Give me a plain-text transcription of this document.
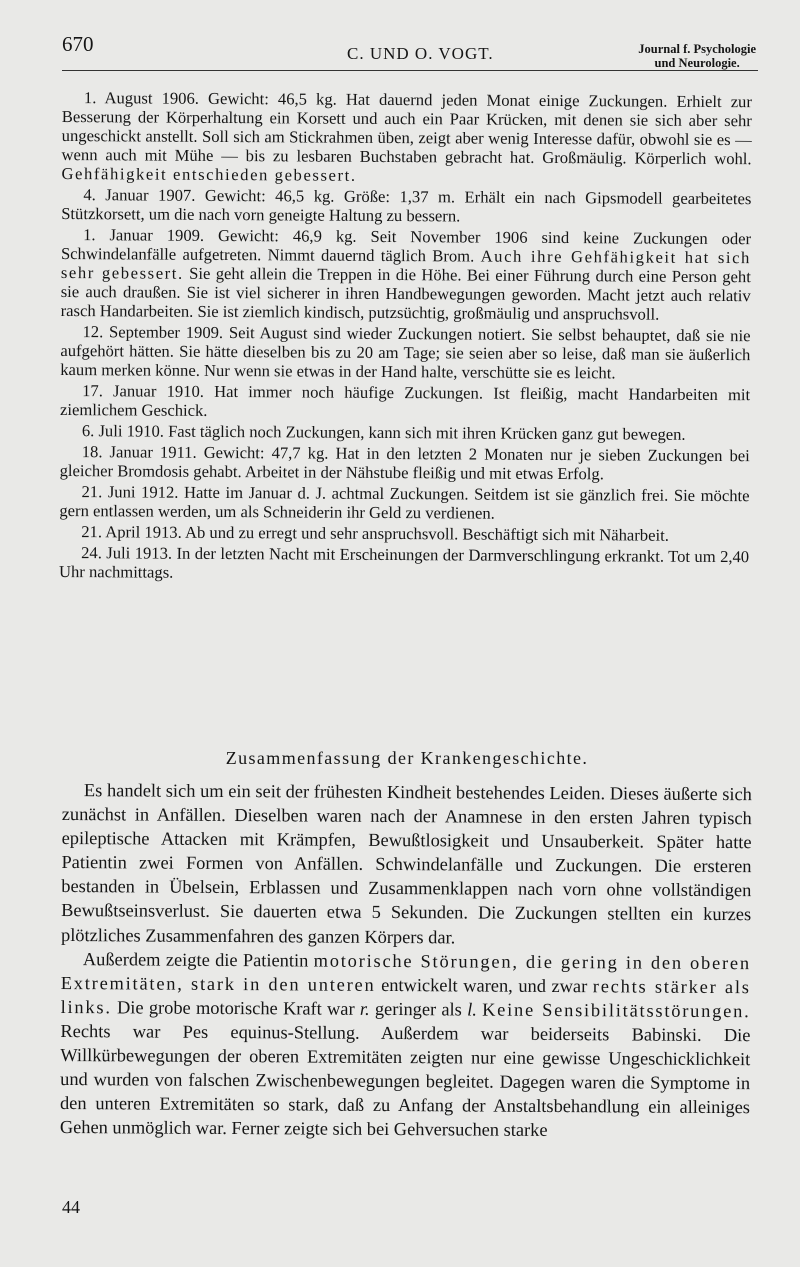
670	C. UND O. VOGT.	Journal f. Psychologie
und Neurologie.

1. August 1906. Gewicht: 46,5 kg. Hat dauernd jeden Monat einige Zuckungen. Erhielt zur Besserung der Körperhaltung ein Korsett und auch ein Paar Krücken, mit denen sie sich aber sehr ungeschickt anstellt. Soll sich am Stickrahmen üben, zeigt aber wenig Interesse dafür, obwohl sie es — wenn auch mit Mühe — bis zu lesbaren Buchstaben gebracht hat. Großmäulig. Körperlich wohl. Gehfähigkeit entschieden gebessert.

4. Januar 1907. Gewicht: 46,5 kg. Größe: 1,37 m. Erhält ein nach Gipsmodell gearbeitetes Stützkorsett, um die nach vorn geneigte Haltung zu bessern.

1. Januar 1909. Gewicht: 46,9 kg. Seit November 1906 sind keine Zuckungen oder Schwindelanfälle aufgetreten. Nimmt dauernd täglich Brom. Auch ihre Gehfähigkeit hat sich sehr gebessert. Sie geht allein die Treppen in die Höhe. Bei einer Führung durch eine Person geht sie auch draußen. Sie ist viel sicherer in ihren Handbewegungen geworden. Macht jetzt auch relativ rasch Handarbeiten. Sie ist ziemlich kindisch, putzsüchtig, großmäulig und anspruchsvoll.

12. September 1909. Seit August sind wieder Zuckungen notiert. Sie selbst behauptet, daß sie nie aufgehört hätten. Sie hätte dieselben bis zu 20 am Tage; sie seien aber so leise, daß man sie äußerlich kaum merken könne. Nur wenn sie etwas in der Hand halte, verschütte sie es leicht.

17. Januar 1910. Hat immer noch häufige Zuckungen. Ist fleißig, macht Handarbeiten mit ziemlichem Geschick.

6. Juli 1910. Fast täglich noch Zuckungen, kann sich mit ihren Krücken ganz gut bewegen.

18. Januar 1911. Gewicht: 47,7 kg. Hat in den letzten 2 Monaten nur je sieben Zuckungen bei gleicher Bromdosis gehabt. Arbeitet in der Nähstube fleißig und mit etwas Erfolg.

21. Juni 1912. Hatte im Januar d. J. achtmal Zuckungen. Seitdem ist sie gänzlich frei. Sie möchte gern entlassen werden, um als Schneiderin ihr Geld zu verdienen.

21. April 1913. Ab und zu erregt und sehr anspruchsvoll. Beschäftigt sich mit Näharbeit.

24. Juli 1913. In der letzten Nacht mit Erscheinungen der Darmverschlingung erkrankt. Tot um 2,40 Uhr nachmittags.

Zusammenfassung der Krankengeschichte.

Es handelt sich um ein seit der frühesten Kindheit bestehendes Leiden. Dieses äußerte sich zunächst in Anfällen. Dieselben waren nach der Anamnese in den ersten Jahren typisch epileptische Attacken mit Krämpfen, Bewußtlosigkeit und Unsauberkeit. Später hatte Patientin zwei Formen von Anfällen. Schwindelanfälle und Zuckungen. Die ersteren bestanden in Übelsein, Erblassen und Zusammenklappen nach vorn ohne vollständigen Bewußtseinsverlust. Sie dauerten etwa 5 Sekunden. Die Zuckungen stellten ein kurzes plötzliches Zusammenfahren des ganzen Körpers dar.

Außerdem zeigte die Patientin motorische Störungen, die gering in den oberen Extremitäten, stark in den unteren entwickelt waren, und zwar rechts stärker als links. Die grobe motorische Kraft war r. geringer als l. Keine Sensibilitätsstörungen. Rechts war Pes equinus-Stellung. Außerdem war beiderseits Babinski. Die Willkürbewegungen der oberen Extremitäten zeigten nur eine gewisse Ungeschicklichkeit und wurden von falschen Zwischenbewegungen begleitet. Dagegen waren die Symptome in den unteren Extremitäten so stark, daß zu Anfang der Anstaltsbehandlung ein alleiniges Gehen unmöglich war. Ferner zeigte sich bei Gehversuchen starke

44
